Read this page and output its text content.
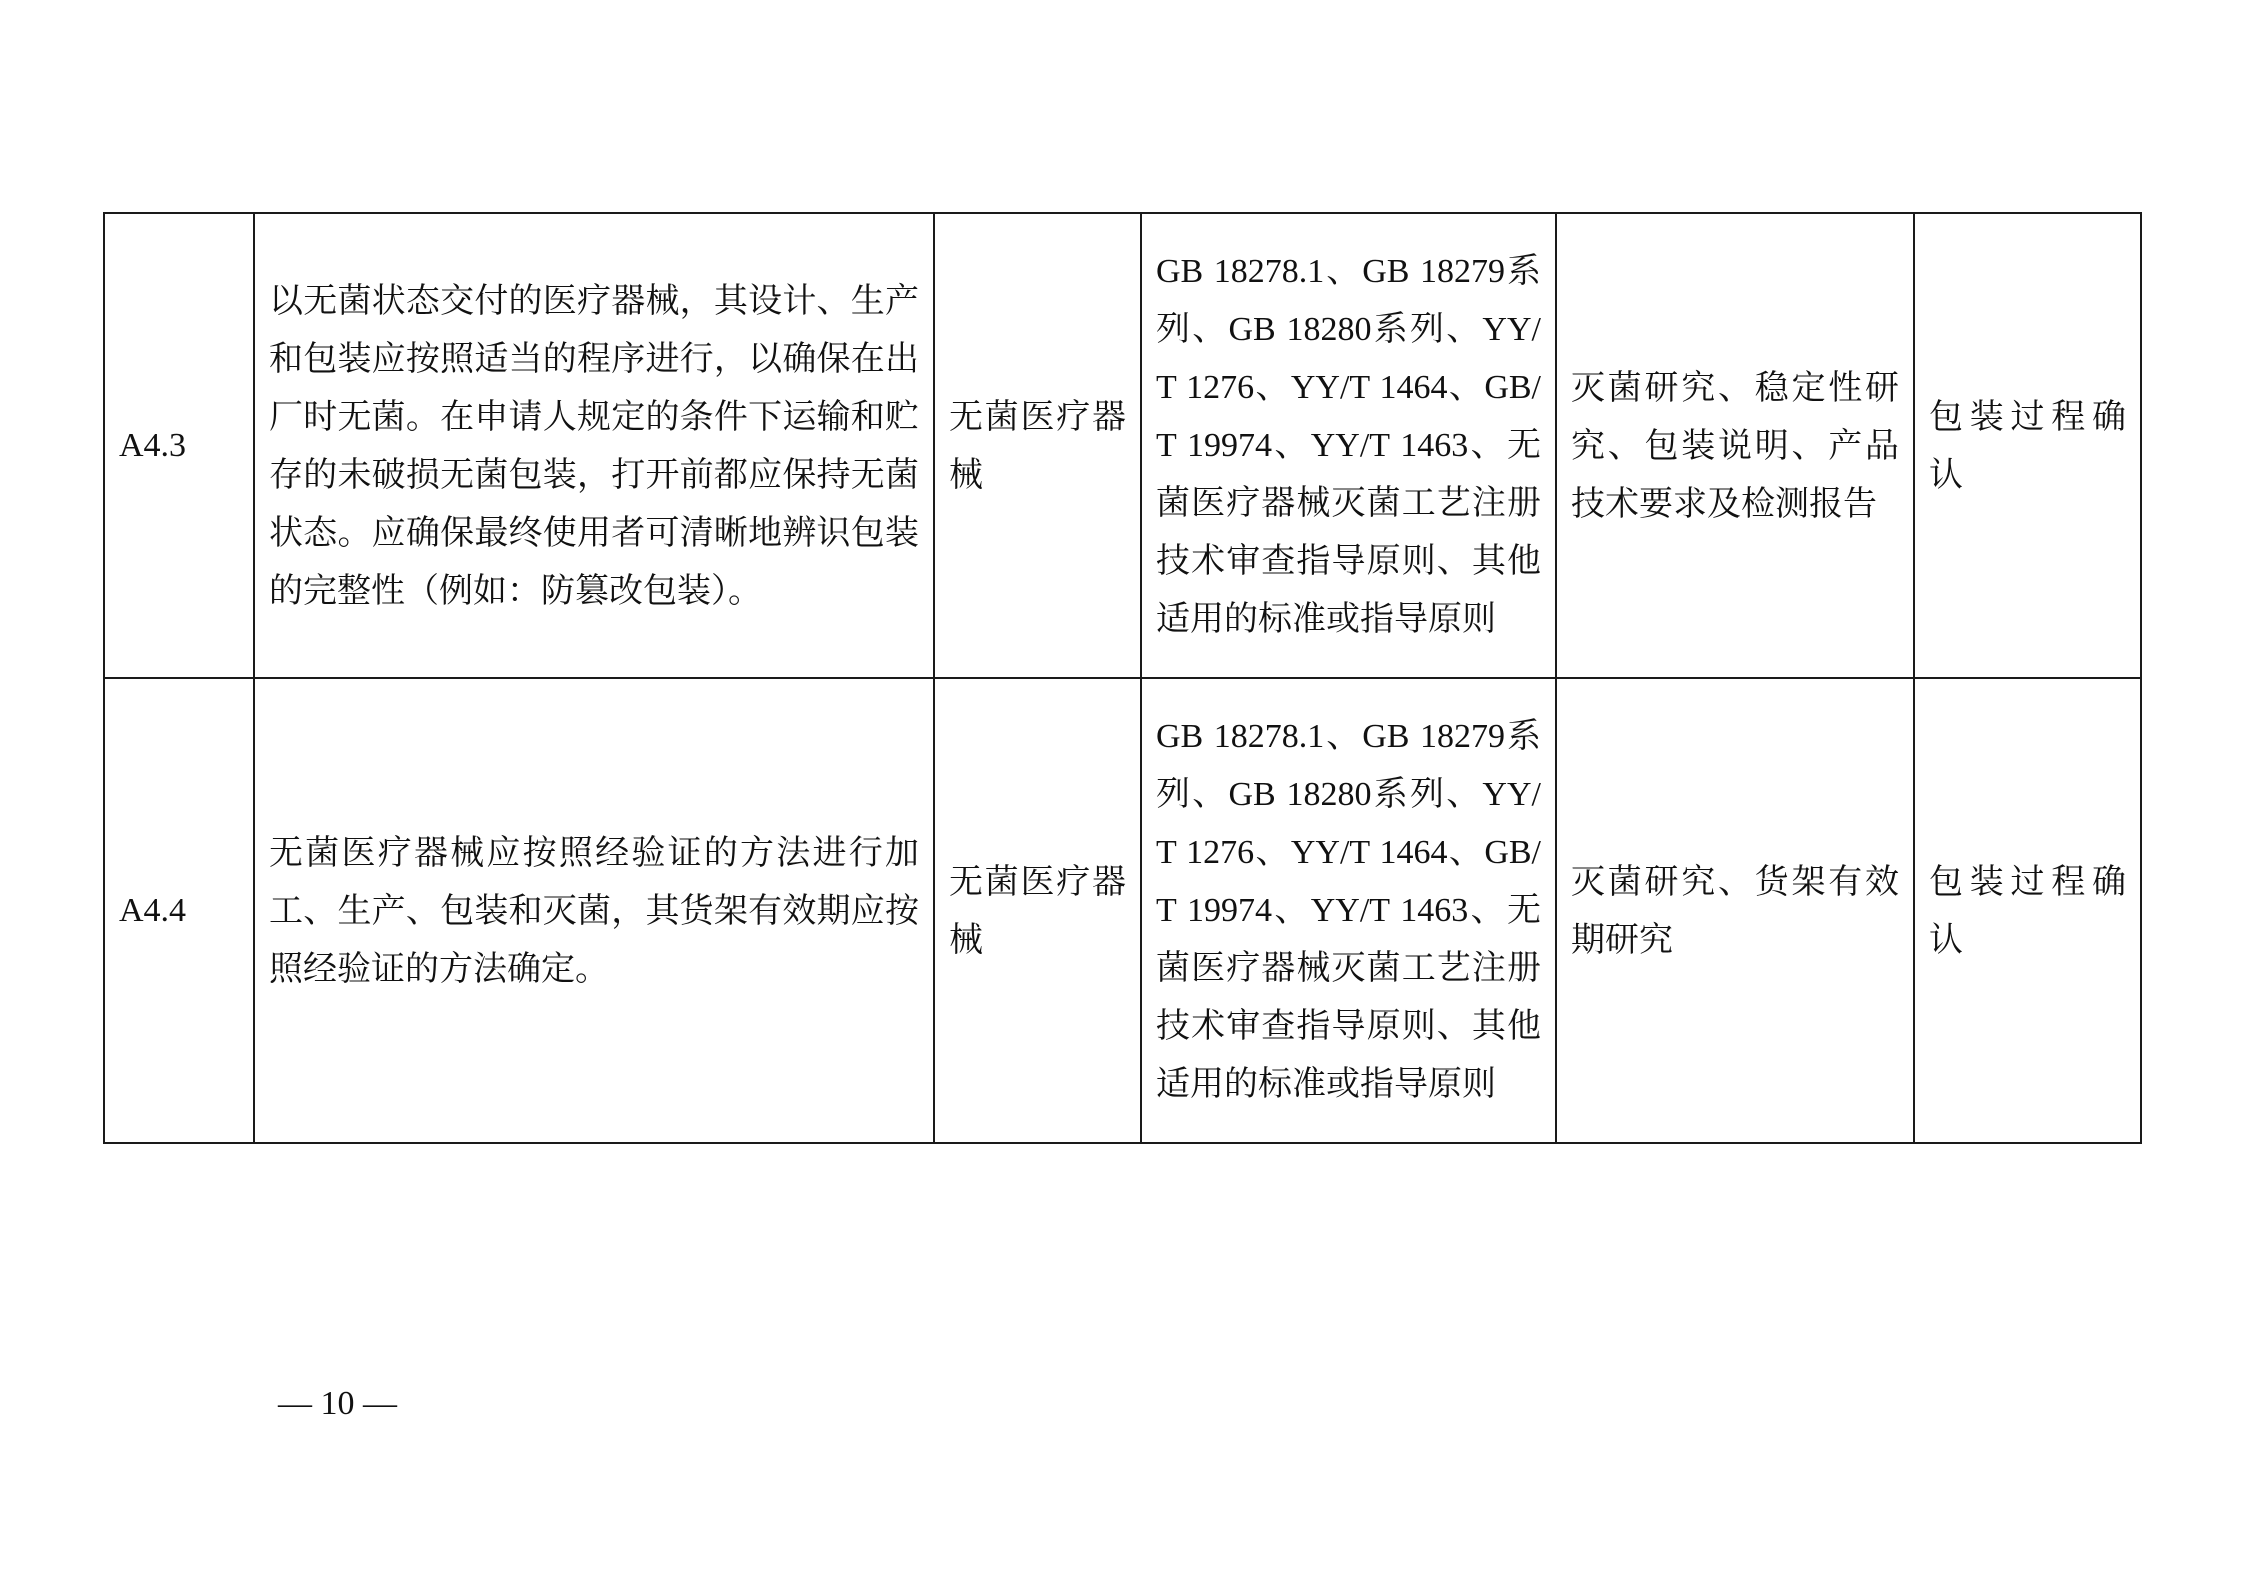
A4.3	以无菌状态交付的医疗器械，其设计、生产和包装应按照适当的程序进行，以确保在出厂时无菌。在申请人规定的条件下运输和贮存的未破损无菌包装，打开前都应保持无菌状态。应确保最终使用者可清晰地辨识包装的完整性（例如：防篡改包装）。	无菌医疗器械	GB 18278.1、GB 18279系列、GB 18280系列、YY/T 1276、YY/T 1464、GB/T 19974、YY/T 1463、无菌医疗器械灭菌工艺注册技术审查指导原则、其他适用的标准或指导原则	灭菌研究、稳定性研究、包装说明、产品技术要求及检测报告	包装过程确认
A4.4	无菌医疗器械应按照经验证的方法进行加工、生产、包装和灭菌，其货架有效期应按照经验证的方法确定。	无菌医疗器械	GB 18278.1、GB 18279系列、GB 18280系列、YY/T 1276、YY/T 1464、GB/T 19974、YY/T 1463、无菌医疗器械灭菌工艺注册技术审查指导原则、其他适用的标准或指导原则	灭菌研究、货架有效期研究	包装过程确认
— 10 —
